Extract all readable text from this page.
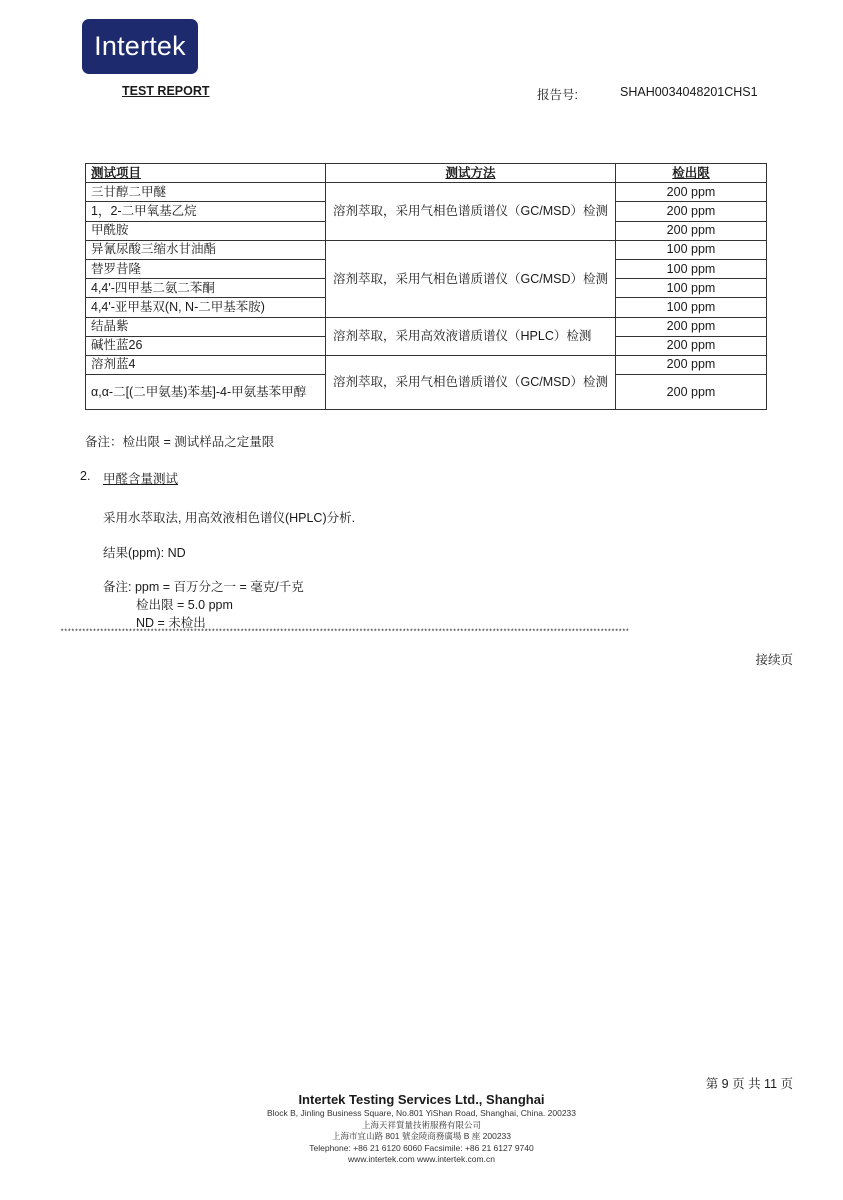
Intertek
TEST REPORT	报告号:	SHAH0034048201CHS1
测试项目	测试方法	检出限
三甘醇二甲醚	溶剂萃取，采用气相色谱质谱仪（GC/MSD）检测	200 ppm
1，2-二甲氧基乙烷		200 ppm
甲酰胺		200 ppm
异氰尿酸三缩水甘油酯	溶剂萃取，采用气相色谱质谱仪（GC/MSD）检测	100 ppm
替罗昔隆		100 ppm
4,4'-四甲基二氨二苯酮		100 ppm
4,4'-亚甲基双(N, N-二甲基苯胺)		100 ppm
结晶紫	溶剂萃取，采用高效液谱质谱仪（HPLC）检测	200 ppm
碱性蓝26		200 ppm
溶剂蓝4	溶剂萃取，采用气相色谱质谱仪（GC/MSD）检测	200 ppm
α,α-二[(二甲氨基)苯基]-4-甲氨基苯甲醇		200 ppm
备注：检出限 = 测试样品之定量限
2. 甲醛含量测试
采用水萃取法, 用高效液相色谱仪(HPLC)分析.
结果(ppm): ND
备注: ppm = 百万分之一 = 毫克/千克
检出限 = 5.0 ppm
ND = 未检出
**************************************************************************************************************************************************************
接续页
第 9 页 共 11 页
Intertek Testing Services Ltd., Shanghai
Block B, Jinling Business Square, No.801 YiShan Road, Shanghai, China. 200233
上海天祥質量技術服務有限公司
上海市宜山路 801 號金陵商務廣場 B 座 200233
Telephone: +86 21 6120 6060 Facsimile: +86 21 6127 9740
www.intertek.com www.intertek.com.cn
